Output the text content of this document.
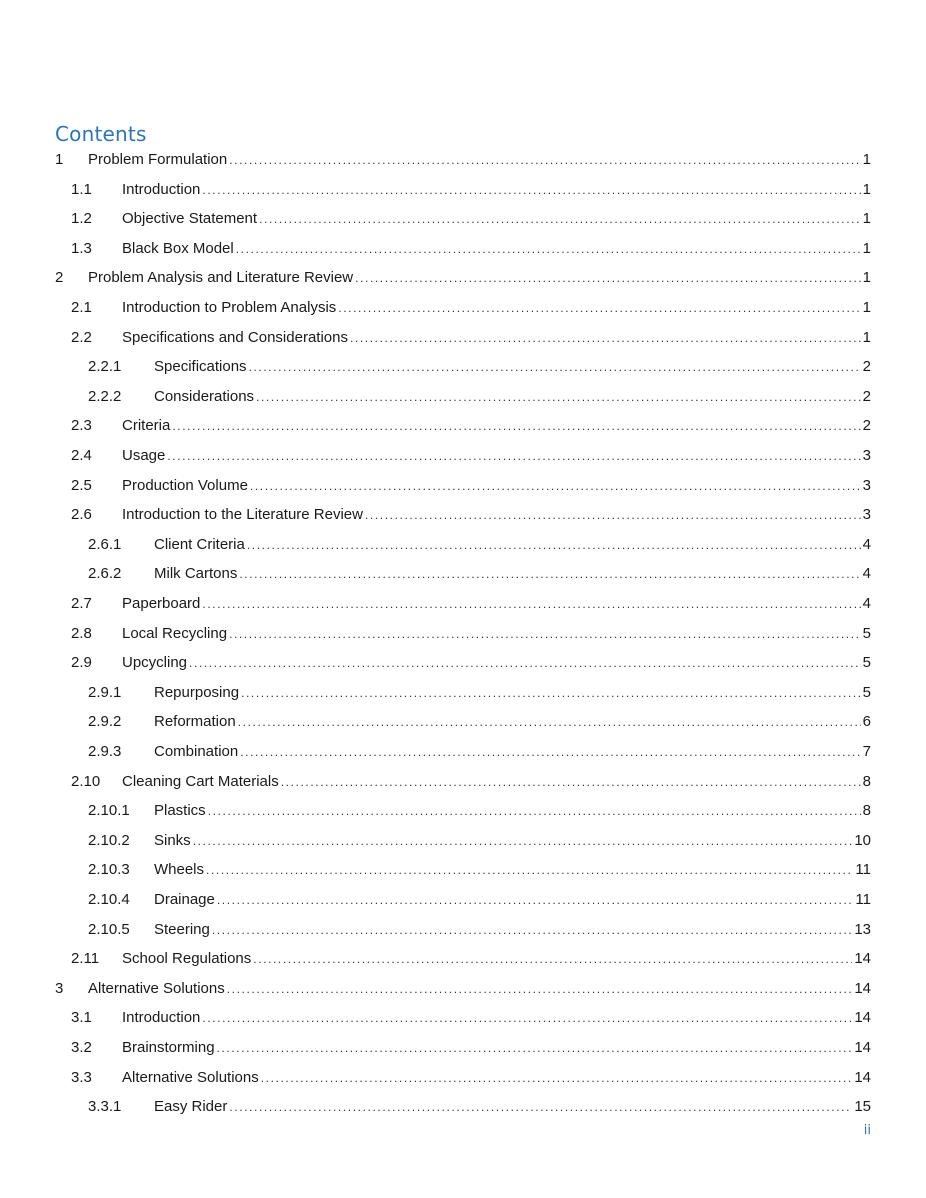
Contents
1	Problem Formulation .....	1
1.1	Introduction .....	1
1.2	Objective Statement .....	1
1.3	Black Box Model .....	1
2	Problem Analysis and Literature Review .....	1
2.1	Introduction to Problem Analysis .....	1
2.2	Specifications and Considerations .....	1
2.2.1	Specifications .....	2
2.2.2	Considerations .....	2
2.3	Criteria .....	2
2.4	Usage .....	3
2.5	Production Volume .....	3
2.6	Introduction to the Literature Review .....	3
2.6.1	Client Criteria .....	4
2.6.2	Milk Cartons .....	4
2.7	Paperboard .....	4
2.8	Local Recycling .....	5
2.9	Upcycling .....	5
2.9.1	Repurposing .....	5
2.9.2	Reformation .....	6
2.9.3	Combination .....	7
2.10	Cleaning Cart Materials .....	8
2.10.1	Plastics .....	8
2.10.2	Sinks .....	10
2.10.3	Wheels .....	11
2.10.4	Drainage .....	11
2.10.5	Steering .....	13
2.11	School Regulations .....	14
3	Alternative Solutions .....	14
3.1	Introduction .....	14
3.2	Brainstorming .....	14
3.3	Alternative Solutions .....	14
3.3.1	Easy Rider .....	15
ii
